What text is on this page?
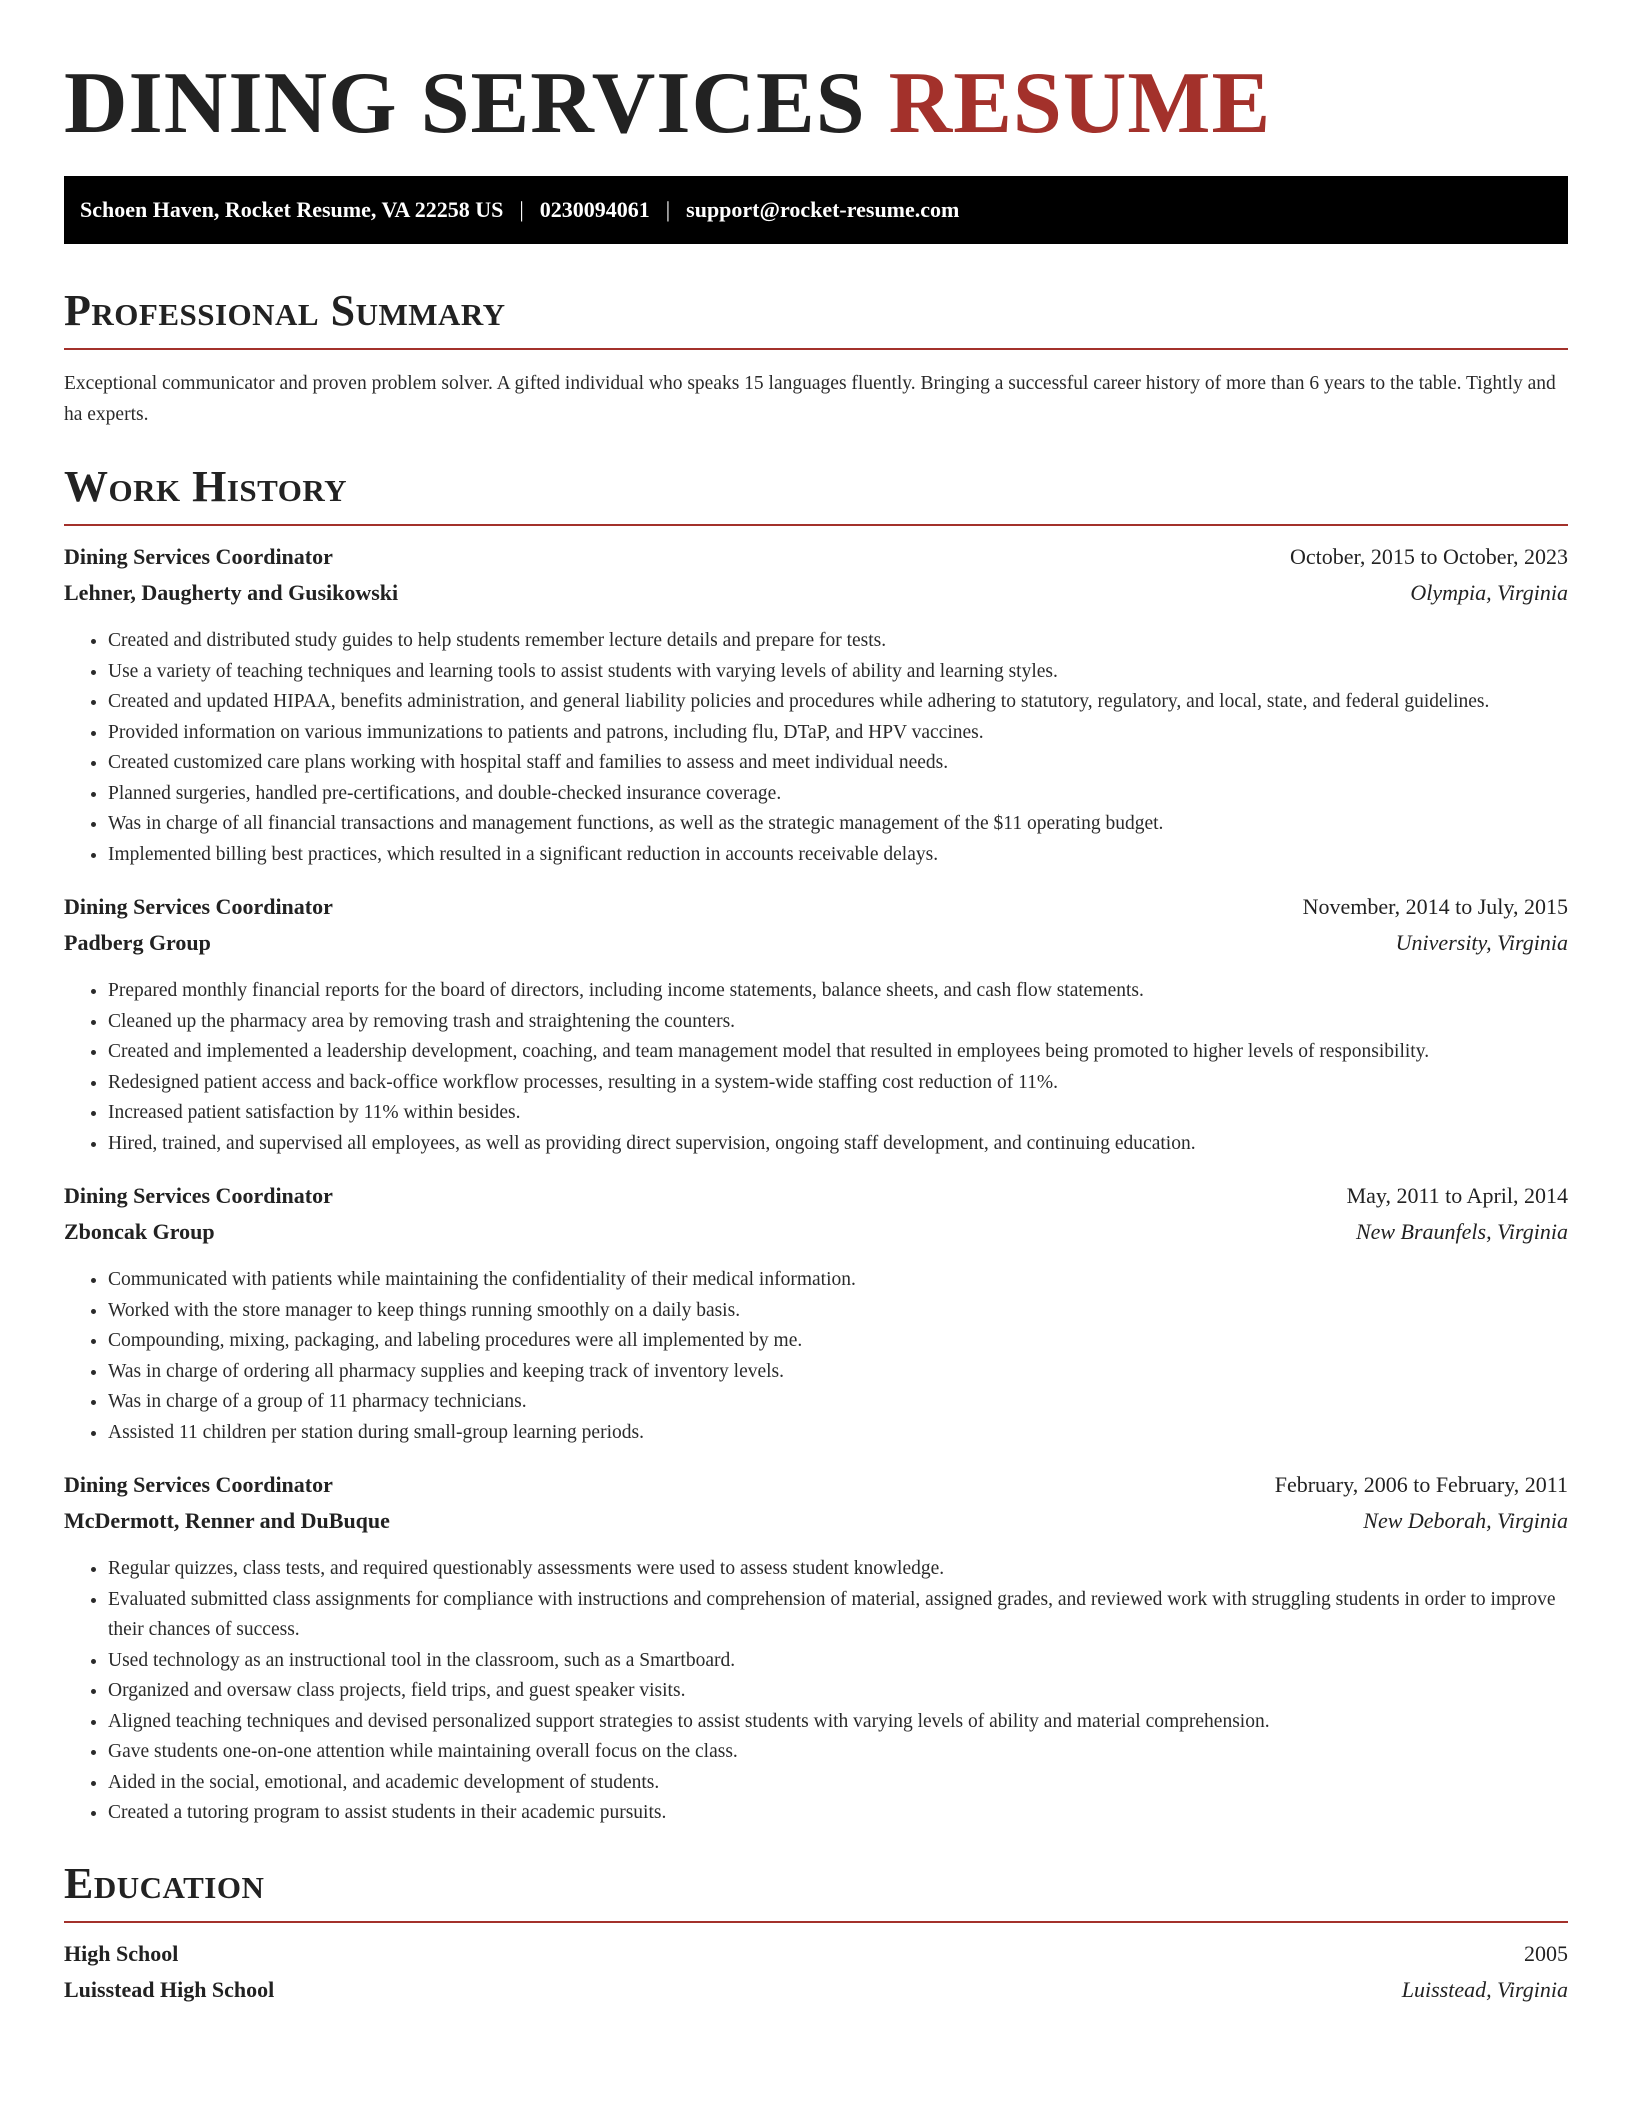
DINING SERVICES RESUME
Schoen Haven, Rocket Resume, VA 22258 US | 0230094061 | support@rocket-resume.com
Professional Summary

Exceptional communicator and proven problem solver. A gifted individual who speaks 15 languages fluently. Bringing a successful career history of more than 6 years to the table. Tightly and ha experts.

Work History
Dining Services Coordinator	October, 2015 to October, 2023
Lehner, Daugherty and Gusikowski	Olympia, Virginia
• Created and distributed study guides to help students remember lecture details and prepare for tests.
• Use a variety of teaching techniques and learning tools to assist students with varying levels of ability and learning styles.
• Created and updated HIPAA, benefits administration, and general liability policies and procedures while adhering to statutory, regulatory, and local, state, and federal guidelines.
• Provided information on various immunizations to patients and patrons, including flu, DTaP, and HPV vaccines.
• Created customized care plans working with hospital staff and families to assess and meet individual needs.
• Planned surgeries, handled pre-certifications, and double-checked insurance coverage.
• Was in charge of all financial transactions and management functions, as well as the strategic management of the $11 operating budget.
• Implemented billing best practices, which resulted in a significant reduction in accounts receivable delays.
Dining Services Coordinator	November, 2014 to July, 2015
Padberg Group	University, Virginia
• Prepared monthly financial reports for the board of directors, including income statements, balance sheets, and cash flow statements.
• Cleaned up the pharmacy area by removing trash and straightening the counters.
• Created and implemented a leadership development, coaching, and team management model that resulted in employees being promoted to higher levels of responsibility.
• Redesigned patient access and back-office workflow processes, resulting in a system-wide staffing cost reduction of 11%.
• Increased patient satisfaction by 11% within besides.
• Hired, trained, and supervised all employees, as well as providing direct supervision, ongoing staff development, and continuing education.
Dining Services Coordinator	May, 2011 to April, 2014
Zboncak Group	New Braunfels, Virginia
• Communicated with patients while maintaining the confidentiality of their medical information.
• Worked with the store manager to keep things running smoothly on a daily basis.
• Compounding, mixing, packaging, and labeling procedures were all implemented by me.
• Was in charge of ordering all pharmacy supplies and keeping track of inventory levels.
• Was in charge of a group of 11 pharmacy technicians.
• Assisted 11 children per station during small-group learning periods.
Dining Services Coordinator	February, 2006 to February, 2011
McDermott, Renner and DuBuque	New Deborah, Virginia
• Regular quizzes, class tests, and required questionably assessments were used to assess student knowledge.
• Evaluated submitted class assignments for compliance with instructions and comprehension of material, assigned grades, and reviewed work with struggling students in order to improve their chances of success.
• Used technology as an instructional tool in the classroom, such as a Smartboard.
• Organized and oversaw class projects, field trips, and guest speaker visits.
• Aligned teaching techniques and devised personalized support strategies to assist students with varying levels of ability and material comprehension.
• Gave students one-on-one attention while maintaining overall focus on the class.
• Aided in the social, emotional, and academic development of students.
• Created a tutoring program to assist students in their academic pursuits.
Education
High School	2005
Luisstead High School	Luisstead, Virginia
